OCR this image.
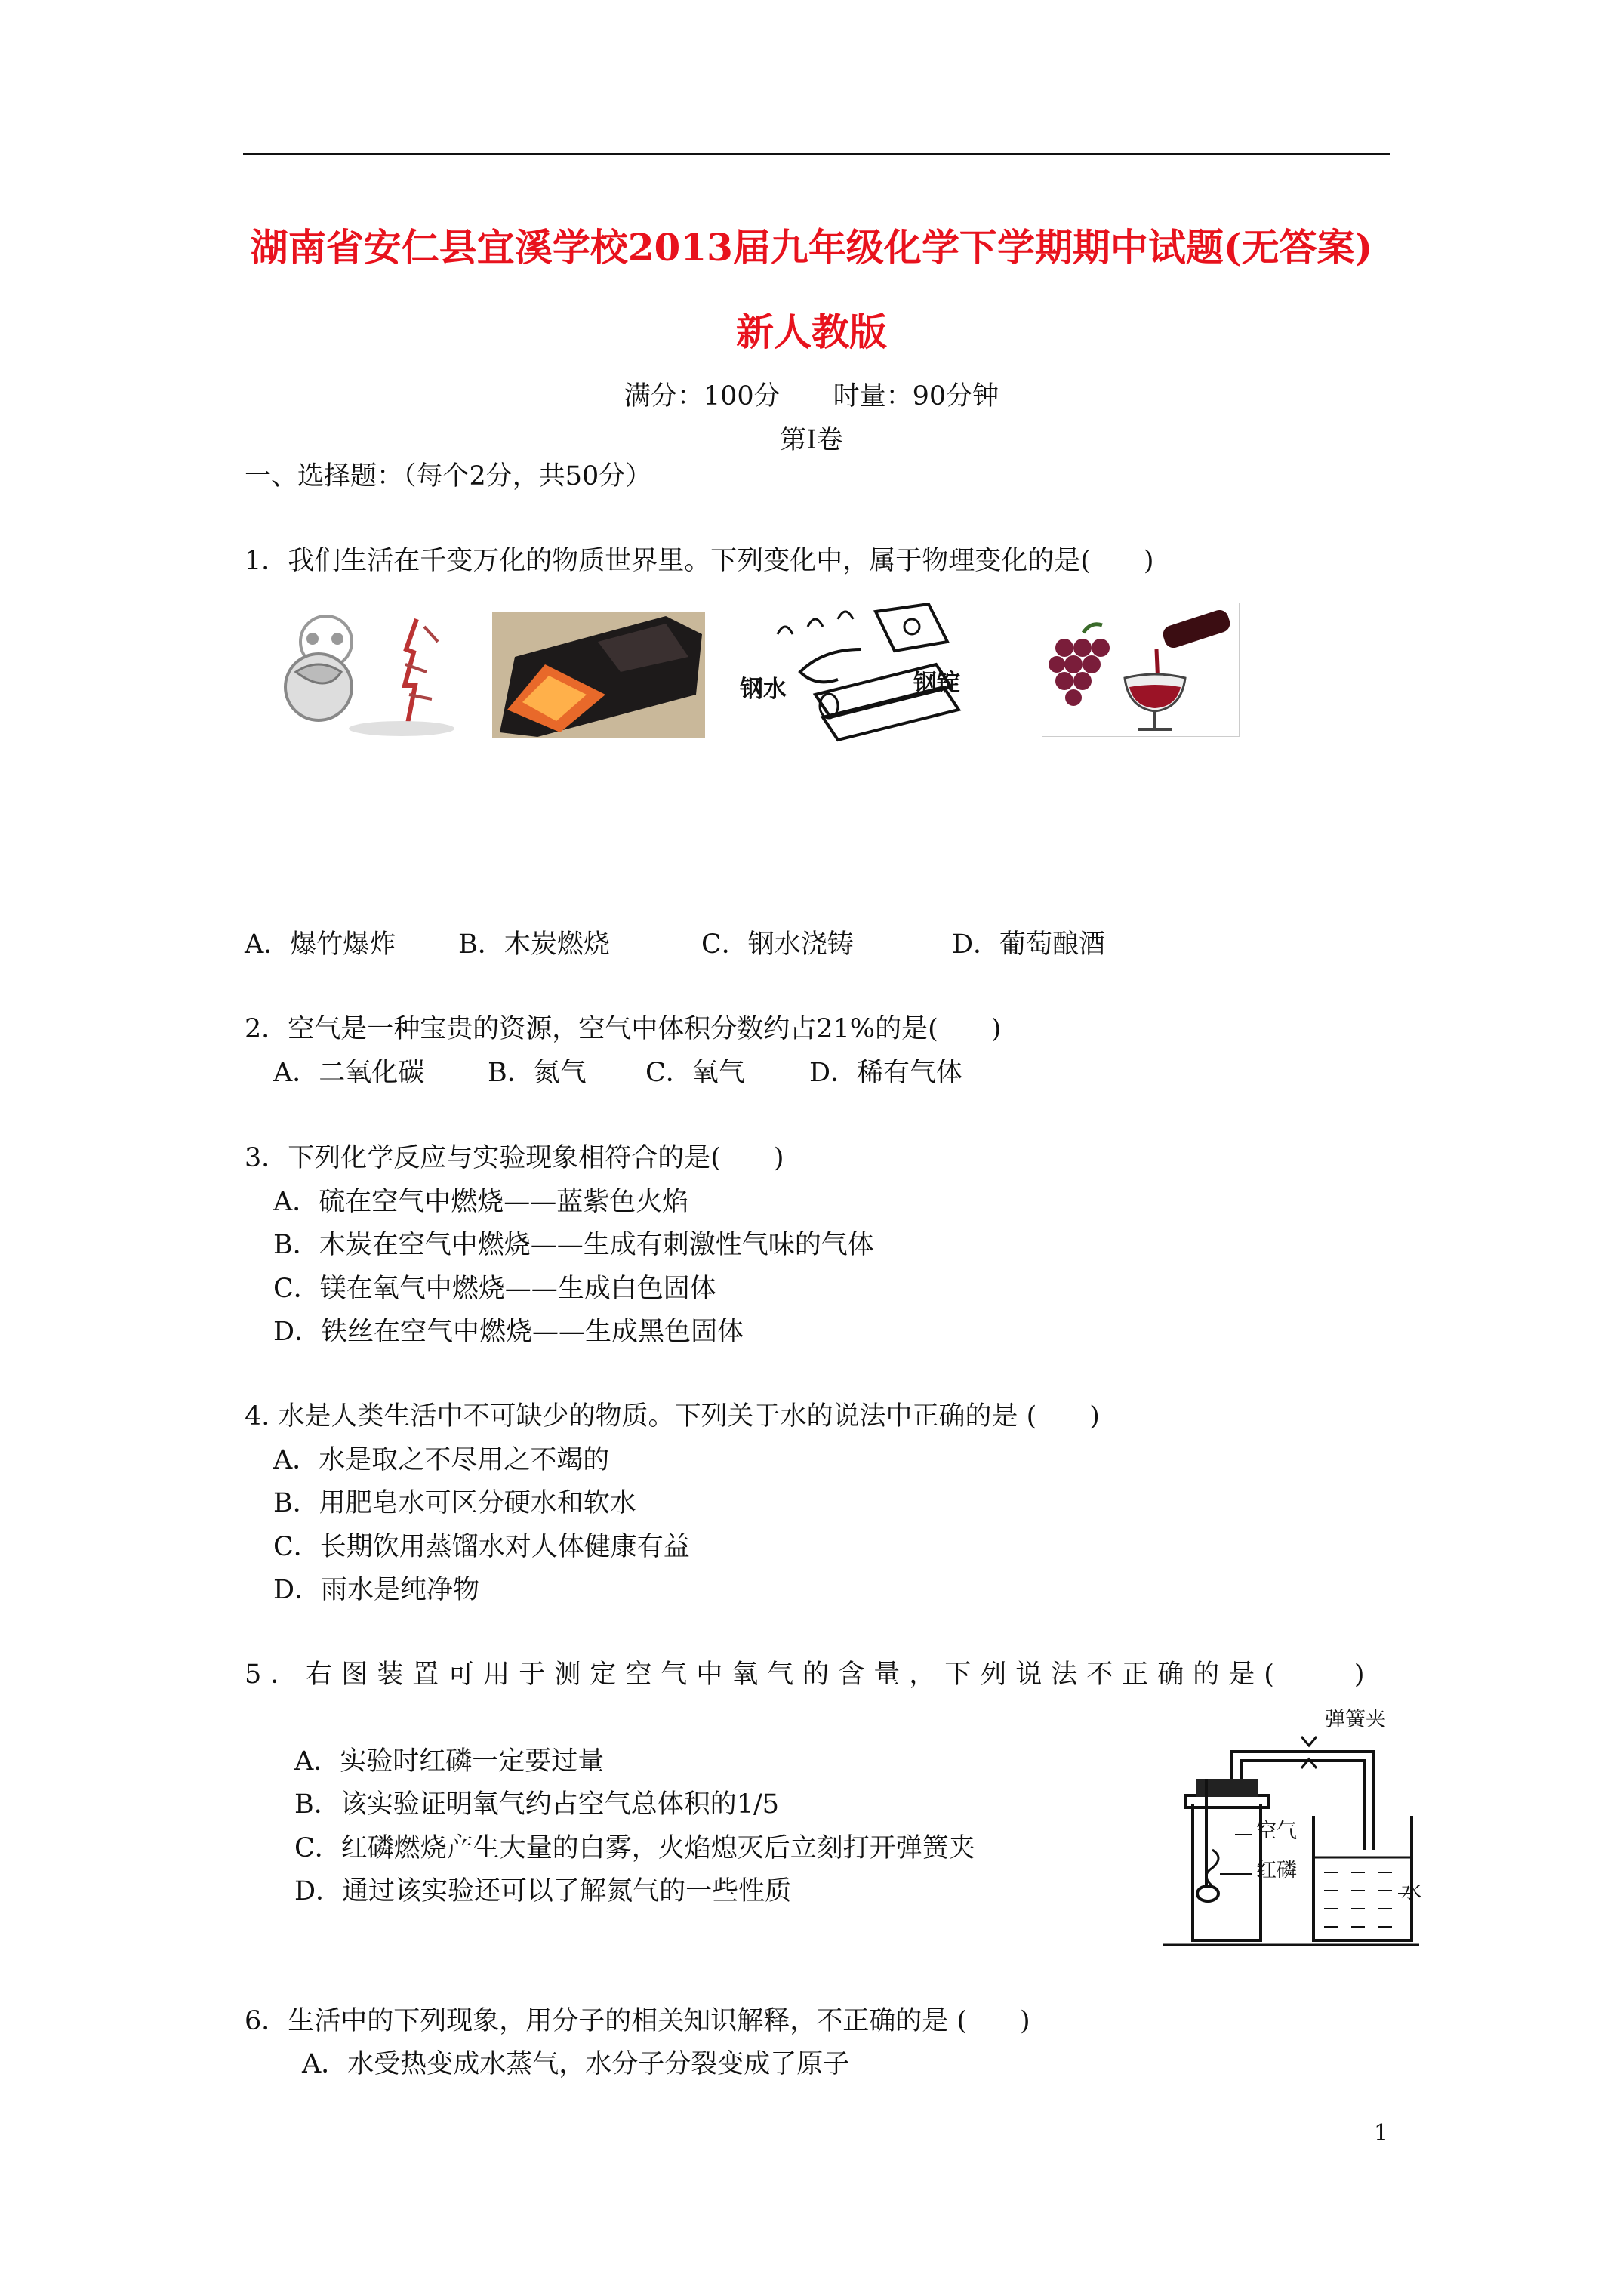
湖南省安仁县宜溪学校2013届九年级化学下学期期中试题(无答案)
新人教版
满分：100分 时量：90分钟
第Ⅰ卷
一、选择题：（每个2分，共50分）
1．我们生活在千变万化的物质世界里。下列变化中，属于物理变化的是(　　)
钢水	钢锭
A．爆竹爆炸 B．木炭燃烧	C．钢水浇铸	D．葡萄酿酒
2．空气是一种宝贵的资源，空气中体积分数约占21%的是(　　)
A．二氧化碳 B．氮气 C．氧气 D．稀有气体
3．下列化学反应与实验现象相符合的是(　　)
A．硫在空气中燃烧——蓝紫色火焰
B．木炭在空气中燃烧——生成有刺激性气味的气体
C．镁在氧气中燃烧——生成白色固体
D．铁丝在空气中燃烧——生成黑色固体
4. 水是人类生活中不可缺少的物质。下列关于水的说法中正确的是 (　　)
A．水是取之不尽用之不竭的
B．用肥皂水可区分硬水和软水
C．长期饮用蒸馏水对人体健康有益
D．雨水是纯净物
5．右图装置可用于测定空气中氧气的含量，下列说法不正确的是(　　)
A．实验时红磷一定要过量
B．该实验证明氧气约占空气总体积的1/5
C．红磷燃烧产生大量的白雾，火焰熄灭后立刻打开弹簧夹
D．通过该实验还可以了解氮气的一些性质
弹簧夹
空气
红磷
水
6．生活中的下列现象，用分子的相关知识解释，不正确的是 (　　)
A．水受热变成水蒸气，水分子分裂变成了原子
1
